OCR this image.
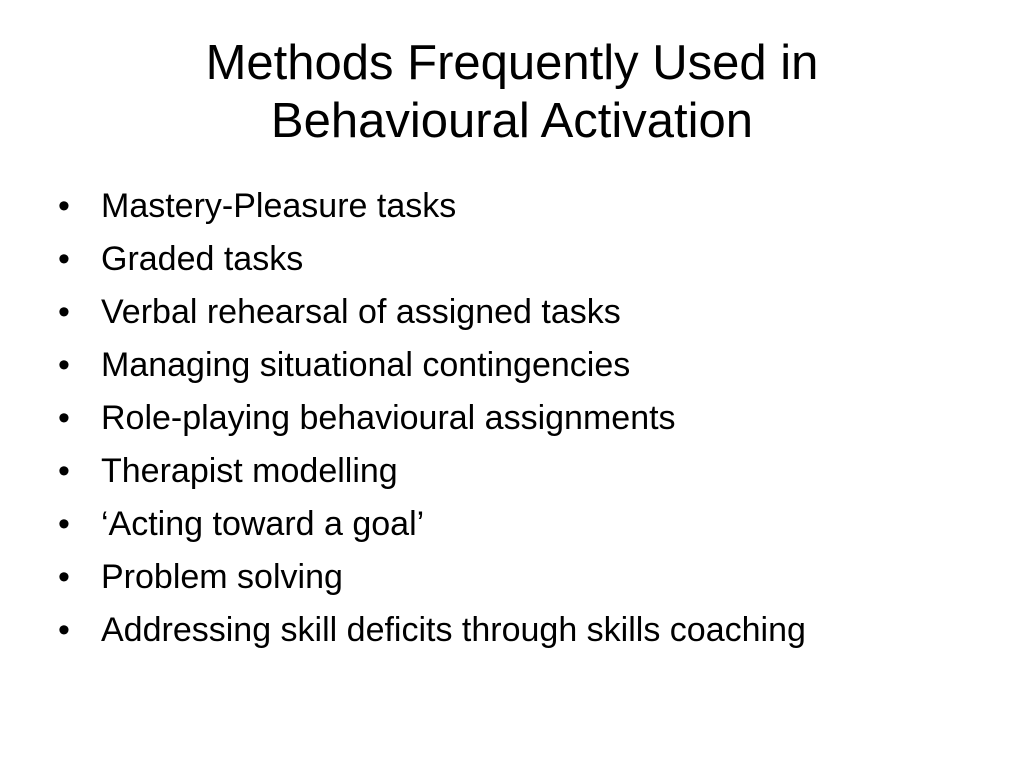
Methods Frequently Used in
Behavioural Activation
• Mastery-Pleasure tasks
• Graded tasks
• Verbal rehearsal of assigned tasks
• Managing situational contingencies
• Role-playing behavioural assignments
• Therapist modelling
• ‘Acting toward a goal’
• Problem solving
• Addressing skill deficits through skills coaching
